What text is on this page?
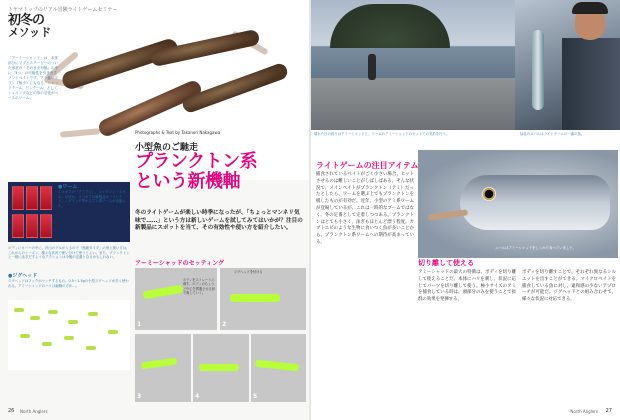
トヤマトップのリアル冒険ライトゲームセミナー
初冬の
メソッド
「アーミーシャッド」は、本体部分にリブとステーピーのついた形状の「そのまま形態」の中に「3つ」の可能性を引き出すソフトベイトです。アミ食いプラン（極小）にもなる、シャッドテール、ピンテール、そしてシュリンプなどの形の変化がベースのワーム。
Photographs & Text by Takanori Nakagawa
小型魚のご馳走
プランクトン系
という新機軸
冬のライトゲームが楽しい時季になったが、「ちょっとマンネリ気味で……」という方は新しいゲームを試してみてはいかが？注目の新製品にスポットを当て、その有効性や使い方を紹介したい。
●ワーム
エコギアの「アミアジ」、ジャクソン「スカル」のほか、エコギアの新製品の「ブレイド」…グラッチ等からアミ系ワームが出揃った。
ボディにカバーの中に、沢山のゲルが入るので「極細タイプ」の形と扱い方は、これからのシーズン、様々な状況で使い分けて使うとよい。また、プランクトンと一緒に泳ぎだすようなアクションは今後の定番となるかもしれない。
●ジグヘッド
ジグヘッドはフックがマッチするもの。0.5〜1.5gの小型ジグヘッドが多く使われる。アミーシャッドのハリは細軸の方が…。
アーミーシャッドのセッティング
1
ボディをストレートに刺す。ボディのちょうど中心を貫通させる形で刺していく。
2
ジグヘッドを付ける
3	4	5
26 North Anglers
晴れた日の釣りはアミーシャッドと、ワームのアミーシャッドのセットでの実釣を行う。	仙北のメバルはライトゲームの一番の魚。
ライトゲームの注目アイテム
捕食されているベイトがごく小さい場合、ヒットさせるのは難しいことがしばしばある。そんな状況で、メインベイトがプランクトン（アミ）だったとしたら、ワームを選ぶ上でもプランクトンを模したものが有効だ。近年、小型のアミ系ワームが登場しているが、これは一時的なブームではなく、冬の定番として定着しつつある。プランクトンはとても小さく、泳ぎもほとんど漂う程度。カブトエビのような生物に食いつく魚が多いことから、プランクトン系ワームへの期待が高まっている。
メバルはアミーシャッドをしっかり食べていました。
切り離して使える
アミーシャッドの最大の特徴は、ボディを切り離して使えることだ。本体にハリを刺し、状況に応じてパーツを切り離して使う。極小サイズのアミを捕食している時は、頭部分のみを使うことで抜群の効果を発揮する。
ボディを切り離すことで、それぞれ異なるシルエットを出すことができる。マイクロベイトを捕食している魚に対し、違和感の少ないアプローチが可能だ。ジグヘッドとの組み合わせで、様々な状況に対応できる。
North Anglers 27
